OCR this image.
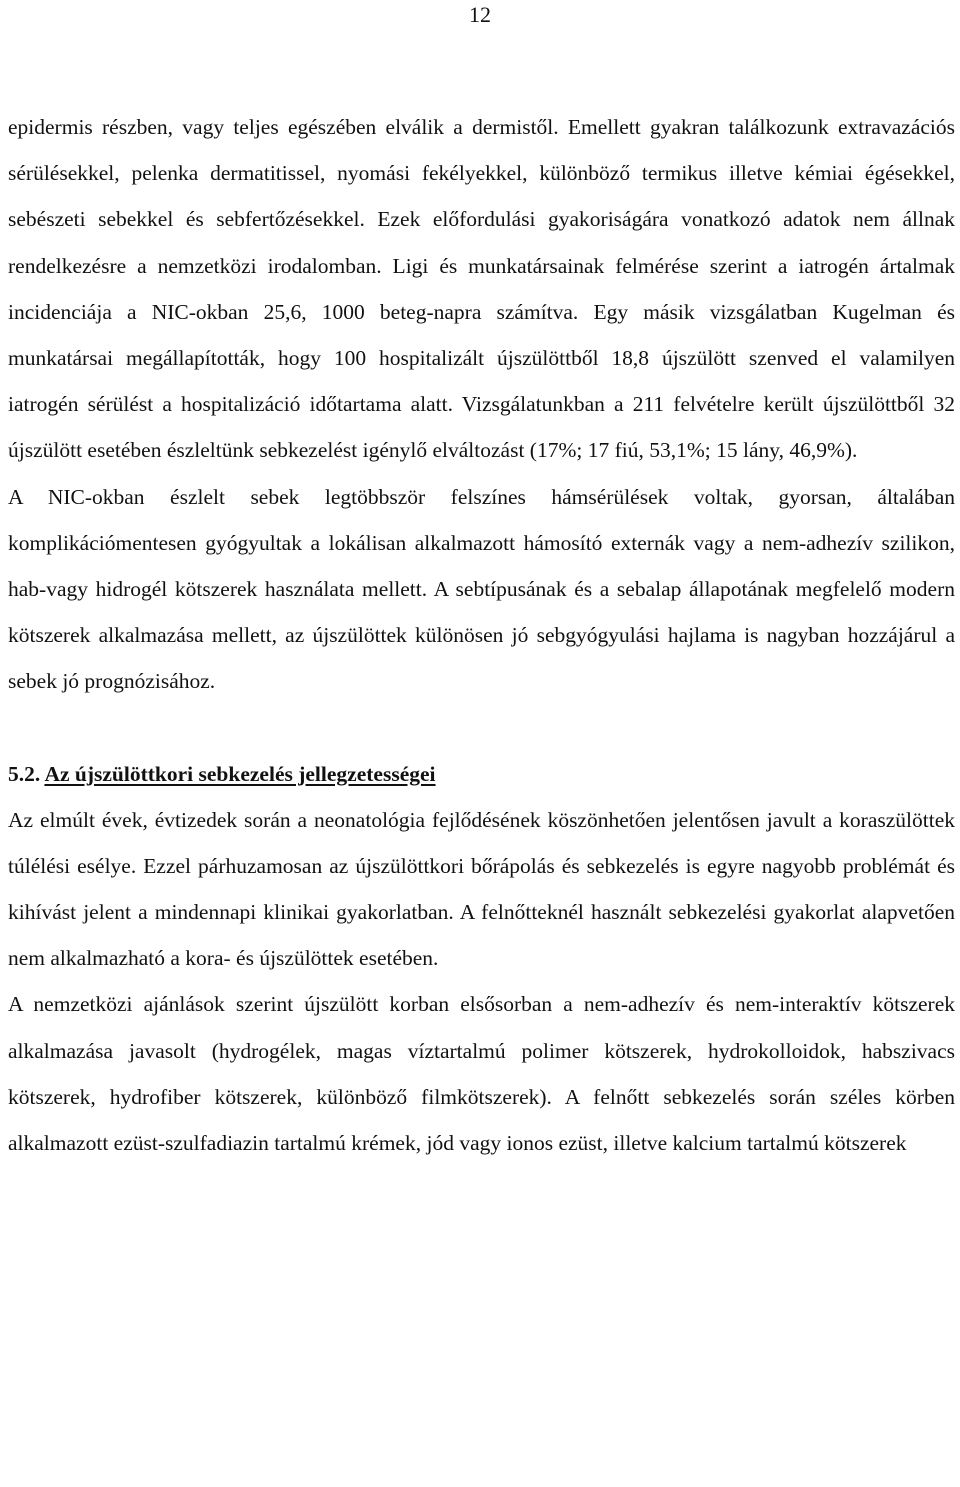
12

epidermis részben, vagy teljes egészében elválik a dermistől. Emellett gyakran találkozunk extravazációs sérülésekkel, pelenka dermatitissel, nyomási fekélyekkel, különböző termikus illetve kémiai égésekkel, sebészeti sebekkel és sebfertőzésekkel. Ezek előfordulási gyakoriságára vonatkozó adatok nem állnak rendelkezésre a nemzetközi irodalomban. Ligi és munkatársainak felmérése szerint a iatrogén ártalmak incidenciája a NIC-okban 25,6, 1000 beteg-napra számítva. Egy másik vizsgálatban Kugelman és munkatársai megállapították, hogy 100 hospitalizált újszülöttből 18,8 újszülött szenved el valamilyen iatrogén sérülést a hospitalizáció időtartama alatt. Vizsgálatunkban a 211 felvételre került újszülöttből 32 újszülött esetében észleltünk sebkezelést igénylő elváltozást (17%; 17 fiú, 53,1%; 15 lány, 46,9%).

A NIC-okban észlelt sebek legtöbbször felszínes hámsérülések voltak, gyorsan, általában komplikációmentesen gyógyultak a lokálisan alkalmazott hámosító externák vagy a nem-adhezív szilikon, hab-vagy hidrogél kötszerek használata mellett. A sebtípusának és a sebalap állapotának megfelelő modern kötszerek alkalmazása mellett, az újszülöttek különösen jó sebgyógyulási hajlama is nagyban hozzájárul a sebek jó prognózisához.

5.2. Az újszülöttkori sebkezelés jellegzetességei

Az elmúlt évek, évtizedek során a neonatológia fejlődésének köszönhetően jelentősen javult a koraszülöttek túlélési esélye. Ezzel párhuzamosan az újszülöttkori bőrápolás és sebkezelés is egyre nagyobb problémát és kihívást jelent a mindennapi klinikai gyakorlatban. A felnőtteknél használt sebkezelési gyakorlat alapvetően nem alkalmazható a kora- és újszülöttek esetében.

A nemzetközi ajánlások szerint újszülött korban elsősorban a nem-adhezív és nem-interaktív kötszerek alkalmazása javasolt (hydrogélek, magas víztartalmú polimer kötszerek, hydrokolloidok, habszivacs kötszerek, hydrofiber kötszerek, különböző filmkötszerek). A felnőtt sebkezelés során széles körben alkalmazott ezüst-szulfadiazin tartalmú krémek, jód vagy ionos ezüst, illetve kalcium tartalmú kötszerek
